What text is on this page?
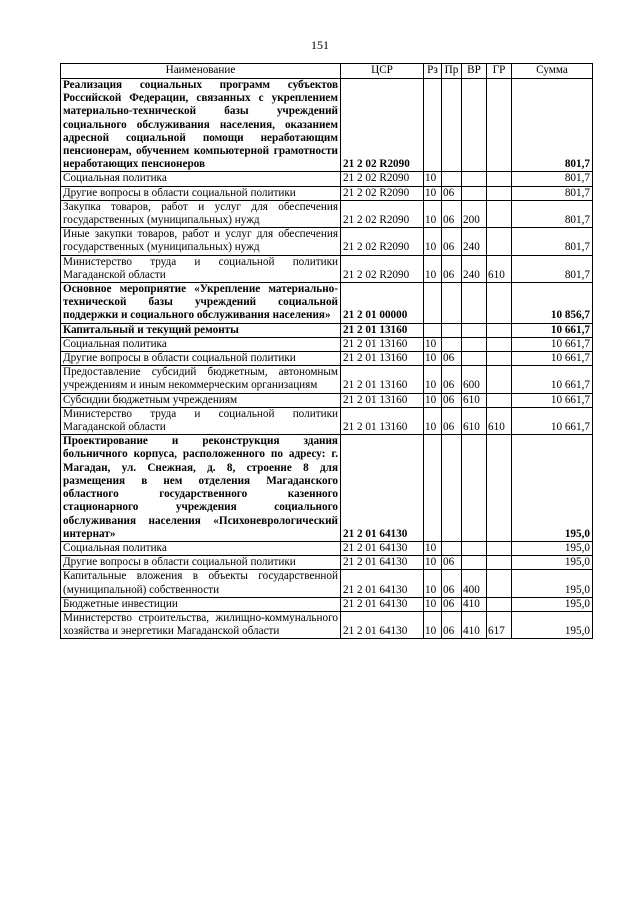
151
Наименование	ЦСР	Рз	Пр	ВР	ГР	Сумма
Реализация социальных программ субъектов Российской Федерации, связанных с укреплением материально-технической базы учреждений социального обслуживания населения, оказанием адресной социальной помощи неработающим пенсионерам, обучением компьютерной грамотности неработающих пенсионеров	21 2 02 R2090					801,7
Социальная политика	21 2 02 R2090	10				801,7
Другие вопросы в области социальной политики	21 2 02 R2090	10	06			801,7
Закупка товаров, работ и услуг для обеспечения государственных (муниципальных) нужд	21 2 02 R2090	10	06	200		801,7
Иные закупки товаров, работ и услуг для обеспечения государственных (муниципальных) нужд	21 2 02 R2090	10	06	240		801,7
Министерство труда и социальной политики Магаданской области	21 2 02 R2090	10	06	240	610	801,7
Основное мероприятие «Укрепление материально-технической базы учреждений социальной поддержки и социального обслуживания населения»	21 2 01 00000					10 856,7
Капитальный и текущий ремонты	21 2 01 13160					10 661,7
Социальная политика	21 2 01 13160	10				10 661,7
Другие вопросы в области социальной политики	21 2 01 13160	10	06			10 661,7
Предоставление субсидий бюджетным, автономным учреждениям и иным некоммерческим организациям	21 2 01 13160	10	06	600		10 661,7
Субсидии бюджетным учреждениям	21 2 01 13160	10	06	610		10 661,7
Министерство труда и социальной политики Магаданской области	21 2 01 13160	10	06	610	610	10 661,7
Проектирование и реконструкция здания больничного корпуса, расположенного по адресу: г. Магадан, ул. Снежная, д. 8, строение 8 для размещения в нем отделения Магаданского областного государственного казенного стационарного учреждения социального обслуживания населения «Психоневрологический интернат»	21 2 01 64130					195,0
Социальная политика	21 2 01 64130	10				195,0
Другие вопросы в области социальной политики	21 2 01 64130	10	06			195,0
Капитальные вложения в объекты государственной (муниципальной) собственности	21 2 01 64130	10	06	400		195,0
Бюджетные инвестиции	21 2 01 64130	10	06	410		195,0
Министерство строительства, жилищно-коммунального хозяйства и энергетики Магаданской области	21 2 01 64130	10	06	410	617	195,0
